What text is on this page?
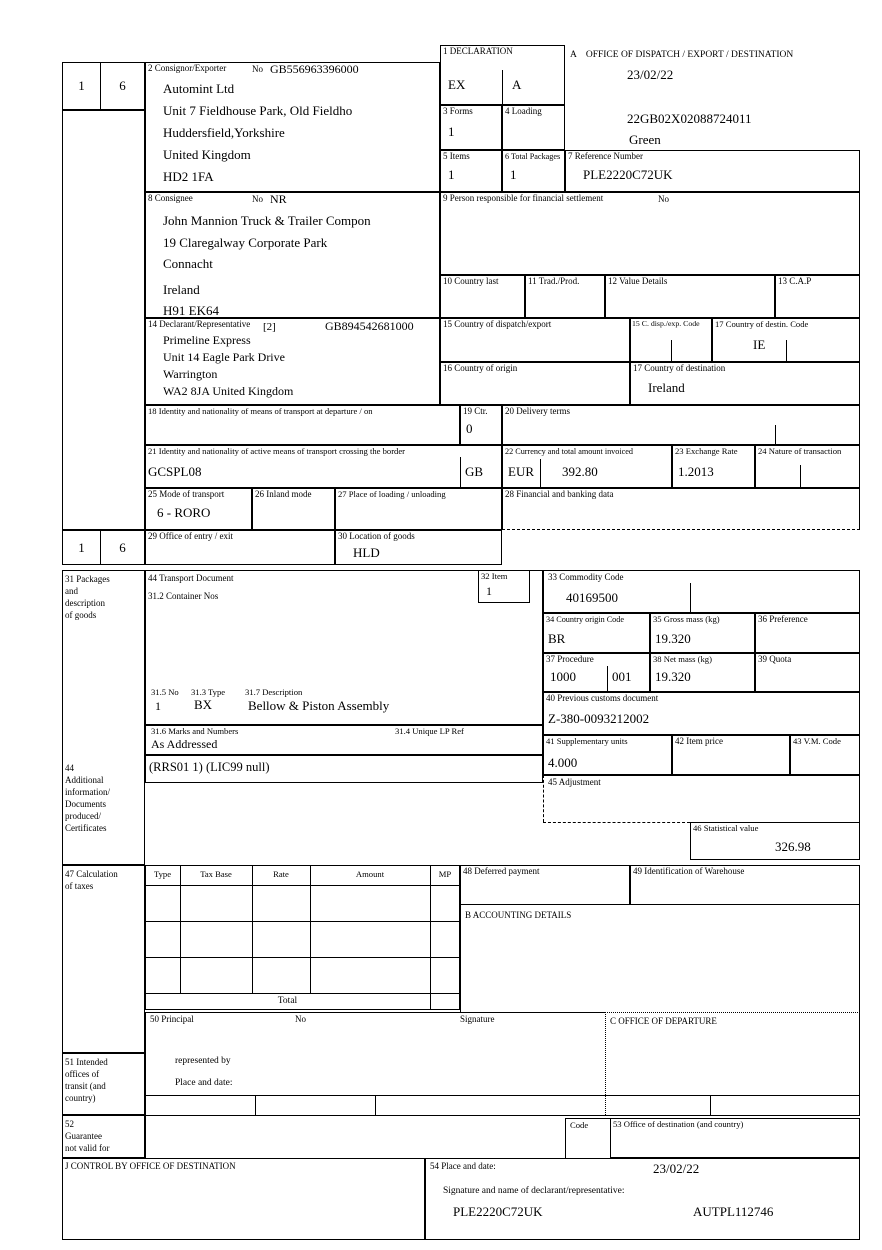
1	6
1	6
2 Consignor/Exporter	No GB556963396000
Automint Ltd
Unit 7 Fieldhouse Park, Old Fieldho
Huddersfield,Yorkshire
United Kingdom
HD2 1FA
1 DECLARATION
EX	A
A    OFFICE OF DISPATCH / EXPORT / DESTINATION
23/02/22
22GB02X02088724011
Green
3 Forms
1
4 Loading
5 Items
1
6 Total Packages
1
7 Reference Number
PLE2220C72UK
8 Consignee	No NR
John Mannion Truck & Trailer Compon
19 Claregalway Corporate Park
Connacht
Ireland
H91 EK64
9 Person responsible for financial settlement	No
10 Country last	11 Trad./Prod.	12 Value Details	13 C.A.P
14 Declarant/Representative [2]	GB894542681000
Primeline Express
Unit 14 Eagle Park Drive
Warrington
WA2 8JA United Kingdom
15 Country of dispatch/export	15 C. disp./exp. Code 17 Country of destin. Code
IE
16 Country of origin	17 Country of destination
Ireland
18 Identity and nationality of means of transport at departure / on	19 Ctr.
0
20 Delivery terms
21 Identity and nationality of active means of transport crossing the border
GCSPL08	GB
22 Currency and total amount invoiced
EUR 392.80
23 Exchange Rate
1.2013
24 Nature of transaction
25 Mode of transport
6 - RORO
26 Inland mode	27 Place of loading / unloading	28 Financial and banking data
29 Office of entry / exit	30 Location of goods
HLD
31 Packages
and
description
of goods
44
Additional
information/
Documents
produced/
Certificates
44 Transport Document
31.2 Container Nos
31.5 No
1
31.3 Type
BX
31.7 Description
Bellow & Piston Assembly
32 Item
1
31.6 Marks and Numbers	31.4 Unique LP Ref
As Addressed
(RRS01 1) (LIC99 null)
33 Commodity Code
40169500
34 Country origin Code
BR
35 Gross mass (kg)
19.320
36 Preference
37 Procedure
1000	001
38 Net mass (kg)
19.320
39 Quota
40 Previous customs document
Z-380-0093212002
41 Supplementary units
4.000
42 Item price	43 V.M. Code
45 Adjustment
46 Statistical value
326.98
47 Calculation
of taxes
Type	Tax Base	Rate	Amount	MP
Total
48 Deferred payment	49 Identification of Warehouse
B ACCOUNTING DETAILS
50 Principal	No	Signature	C OFFICE OF DEPARTURE
represented by
Place and date:
51 Intended
offices of
transit (and
country)
52
Guarantee
not valid for
Code	53 Office of destination (and country)
J CONTROL BY OFFICE OF DESTINATION	54 Place and date:	23/02/22
Signature and name of declarant/representative:
PLE2220C72UK	AUTPL112746
